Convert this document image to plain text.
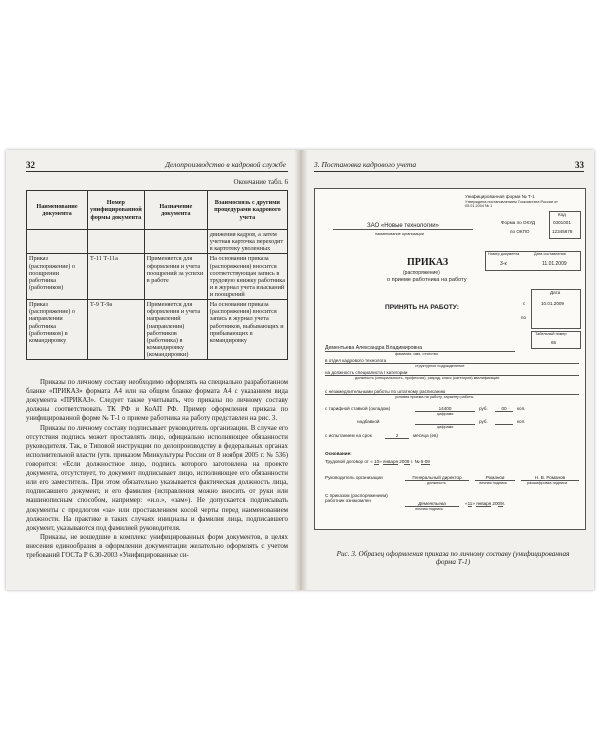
32	Делопроизводство в кадровой службе
Окончание табл. 6
Наименование документа	Номер унифицированной формы документа	Назначение документа	Взаимосвязь с другими процедурами кадрового учета
			движения кадров, а затем учетная карточка переходит в картотеку уволенных
Приказ (распоряжение) о поощрении работника (работников)	Т-11 Т-11а	Применяется для оформления и учета поощрений за успехи в работе	На основании приказа (распоряжения) вносится соответствующая запись в трудовую книжку работника и в журнал учета взысканий и поощрений
Приказ (распоряжение) о направлении работника (работников) в командировку	Т-9 Т-9а	Применяется для оформления и учета направлений (направления) работников (работника) в командировку (командировки)	На основании приказа (распоряжения) вносится запись в журнал учета работников, выбывающих и прибывающих в командировку

Приказы по личному составу необходимо оформлять на специально разработанном бланке «ПРИКАЗ» формата А4 или на общем бланке формата А4 с указанием вида документа «ПРИКАЗ». Следует также учитывать, что приказы по личному составу должны соответствовать ТК РФ и КоАП РФ. Пример оформления приказа по унифицированной форме № Т-1 о приеме работника на работу представлен на рис. 3.

Приказы по личному составу подписывает руководитель организации. В случае его отсутствия подпись может проставлять лицо, официально исполняющее обязанности руководителя. Так, в Типовой инструкции по делопроизводству в федеральных органах исполнительной власти (утв. приказом Минкультуры России от 8 ноября 2005 г. № 536) говорится: «Если должностное лицо, подпись которого заготовлена на проекте документа, отсутствует, то документ подписывает лицо, исполняющее его обязанности или его заместитель. При этом обязательно указывается фактическая должность лица, подписавшего документ, и его фамилия (исправления можно вносить от руки или машинописным способом, например: «и.о.», «зам»). Не допускается подписывать документы с предлогом «за» или проставлением косой черты перед наименованием должности. На практике в таких случаях инициалы и фамилия лица, подписавшего документ, указываются под фамилией руководителя.

Приказы, не вошедшие в комплекс унифицированных форм документов, в целях внесения единообразия в оформлении документации желательно оформлять с учетом требований ГОСТа Р 6.30-2003 «Унифицированные си-

3. Постановка кадрового учета	33
Унифицированная форма № Т-1
Утверждена постановлением Госкомстата России от 05.01.2004 № 1
Код
Форма по ОКУД	0301001
по ОКПО	12345678
ЗАО «Новые технологии»
наименование организации
Номер документа	Дата составления
3-к	11.01.2009
ПРИКАЗ
(распоряжение)
о приеме работника на работу
ПРИНЯТЬ НА РАБОТУ:
Дата
с	10.01.2009
по
Табельный номер
65
Дементьева Александра Владимировна
фамилия, имя, отчество
в отдел кадрового технолога
структурное подразделение
на должность специалиста I категории
должность (специальность, профессия), разряд, класс (категория) квалификации
с незамедлительными работы по штатному расписанию
условия приема на работу, характер работы
с тарифной ставкой (окладом)	14400	руб.	00	коп.
цифрами
надбавкой	руб.	коп.
цифрами
с испытанием на срок	2	месяца (ев)
Основание:
Трудовой договор от « 10» января 2009 г. № 6-09
Руководитель организации	Генеральный директор	Романов	Н. В. Романов
должность	личная подпись	расшифровка подписи
С приказом (распоряжением) работник ознакомлен
Дементьева
личная подпись
«11» января 2009г.
Рис. 3. Образец оформления приказа по личному составу (унифицированная форма Т-1)
